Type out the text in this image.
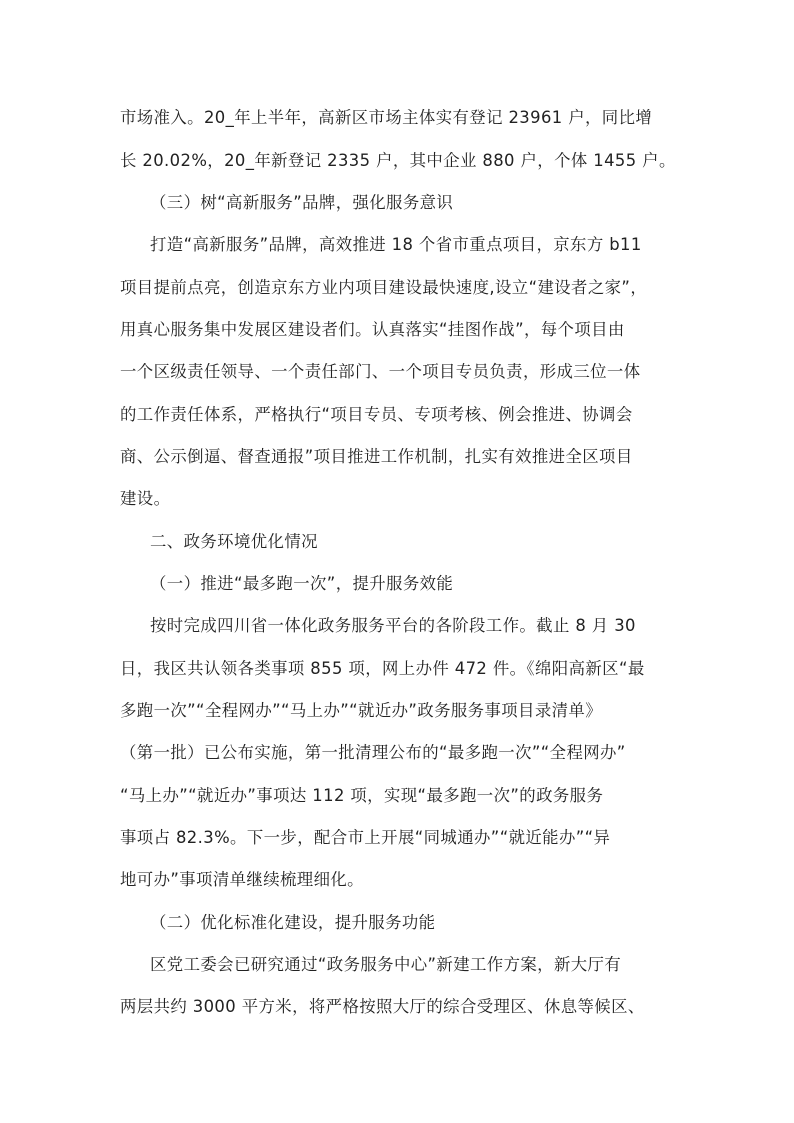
市场准入。20_年上半年，高新区市场主体实有登记 23961 户，同比增
长 20.02%，20_年新登记 2335 户，其中企业 880 户，个体 1455 户。
（三）树“高新服务”品牌，强化服务意识
打造“高新服务”品牌，高效推进 18 个省市重点项目，京东方 b11
项目提前点亮，创造京东方业内项目建设最快速度,设立“建设者之家”，
用真心服务集中发展区建设者们。认真落实“挂图作战”，每个项目由
一个区级责任领导、一个责任部门、一个项目专员负责，形成三位一体
的工作责任体系，严格执行“项目专员、专项考核、例会推进、协调会
商、公示倒逼、督查通报”项目推进工作机制，扎实有效推进全区项目
建设。
二、政务环境优化情况
（一）推进“最多跑一次”，提升服务效能
按时完成四川省一体化政务服务平台的各阶段工作。截止 8 月 30
日，我区共认领各类事项 855 项，网上办件 472 件。《绵阳高新区“最
多跑一次”“全程网办”“马上办”“就近办”政务服务事项目录清单》
（第一批）已公布实施，第一批清理公布的“最多跑一次”“全程网办”
“马上办”“就近办”事项达 112 项，实现“最多跑一次”的政务服务
事项占 82.3%。下一步，配合市上开展“同城通办”“就近能办”“异
地可办”事项清单继续梳理细化。
（二）优化标准化建设，提升服务功能
区党工委会已研究通过“政务服务中心”新建工作方案，新大厅有
两层共约 3000 平方米，将严格按照大厅的综合受理区、休息等候区、
